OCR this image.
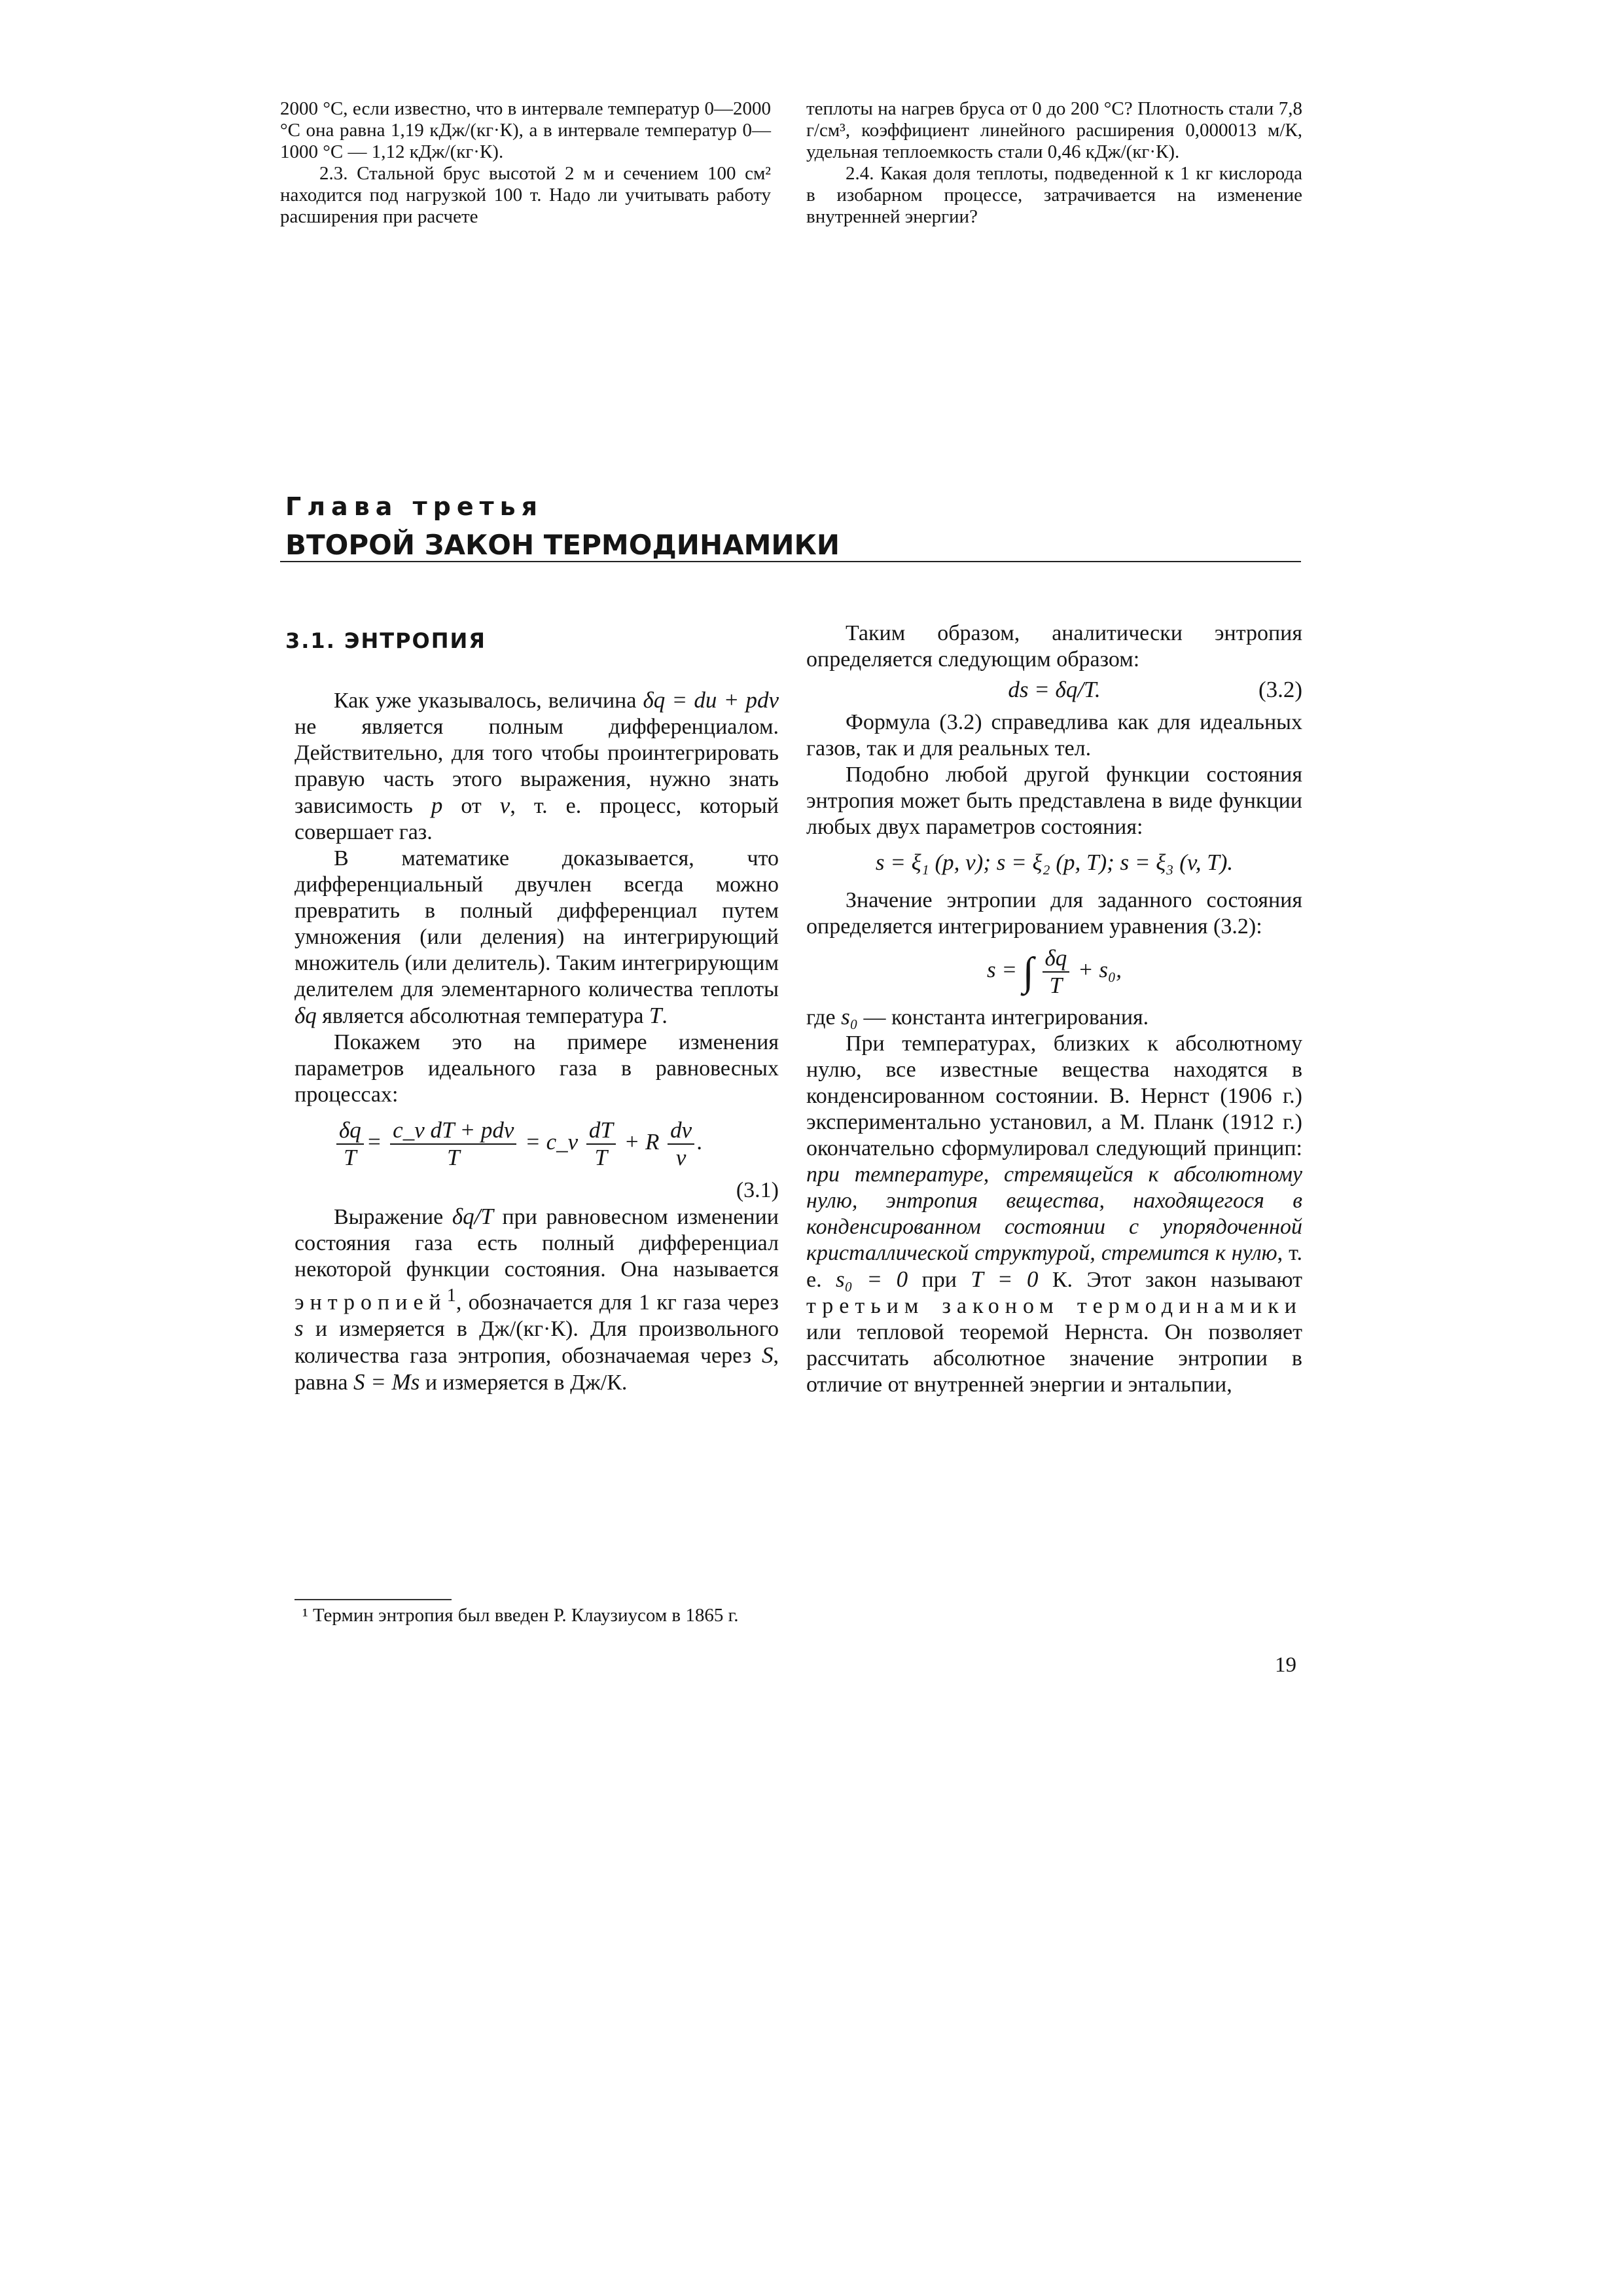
2000 °С, если известно, что в интервале температур 0—2000 °С она равна 1,19 кДж/(кг·К), а в интервале температур 0—1000 °С — 1,12 кДж/(кг·К).

2.3. Стальной брус высотой 2 м и сечением 100 см² находится под нагрузкой 100 т. Надо ли учитывать работу расширения при расчете

теплоты на нагрев бруса от 0 до 200 °С? Плотность стали 7,8 г/см³, коэффициент линейного расширения 0,000013 м/К, удельная теплоемкость стали 0,46 кДж/(кг·К).

2.4. Какая доля теплоты, подведенной к 1 кг кислорода в изобарном процессе, затрачивается на изменение внутренней энергии?

Глава третья
ВТОРОЙ ЗАКОН ТЕРМОДИНАМИКИ
3.1. ЭНТРОПИЯ

Как уже указывалось, величина δq = du + pdv не является полным дифференциалом. Действительно, для того чтобы проинтегрировать правую часть этого выражения, нужно знать зависимость p от v, т. е. процесс, который совершает газ.

В математике доказывается, что дифференциальный двучлен всегда можно превратить в полный дифференциал путем умножения (или деления) на интегрирующий множитель (или делитель). Таким интегрирующим делителем для элементарного количества теплоты δq является абсолютная температура T.

Покажем это на примере изменения параметров идеального газа в равновесных процессах:

$\frac{\delta q}{T} = \frac{\text{c\_v dT + pdv}}{T}$ = c_v $\frac{dT}{T} + R \frac{dv}{v}$ .
(3.1)

Выражение δq/T при равновесном изменении состояния газа есть полный дифференциал некоторой функции состояния. Она называется энтропией$^1$, обозначается для 1 кг газа через s и измеряется в Дж/(кг·К). Для произвольного количества газа энтропия, обозначаемая через S, равна S = Ms и измеряется в Дж/К.

¹ Термин энтропия был введен Р. Клаузиусом в 1865 г.

Таким образом, аналитически энтропия определяется следующим образом:

ds = δq/T.	(3.2)

Формула (3.2) справедлива как для идеальных газов, так и для реальных тел.

Подобно любой другой функции состояния энтропия может быть представлена в виде функции любых двух параметров состояния:

s = ξ₁ (p, v); s = ξ₂ (p, T); s = ξ₃ (v, T).

Значение энтропии для заданного состояния определяется интегрированием уравнения (3.2):

s = ∫ $\frac{\delta q}{T} + s_0$,

где s₀ — константа интегрирования.

При температурах, близких к абсолютному нулю, все известные вещества находятся в конденсированном состоянии. В. Нернст (1906 г.) экспериментально установил, а М. Планк (1912 г.) окончательно сформулировал следующий принцип: при температуре, стремящейся к абсолютному нулю, энтропия вещества, находящегося в конденсированном состоянии с упорядоченной кристаллической структурой, стремится к нулю, т. е. s₀ = 0 при T = 0 К. Этот закон называют третьим законом термодинамики или тепловой теоремой Нернста. Он позволяет рассчитать абсолютное значение энтропии в отличие от внутренней энергии и энтальпии,

19
